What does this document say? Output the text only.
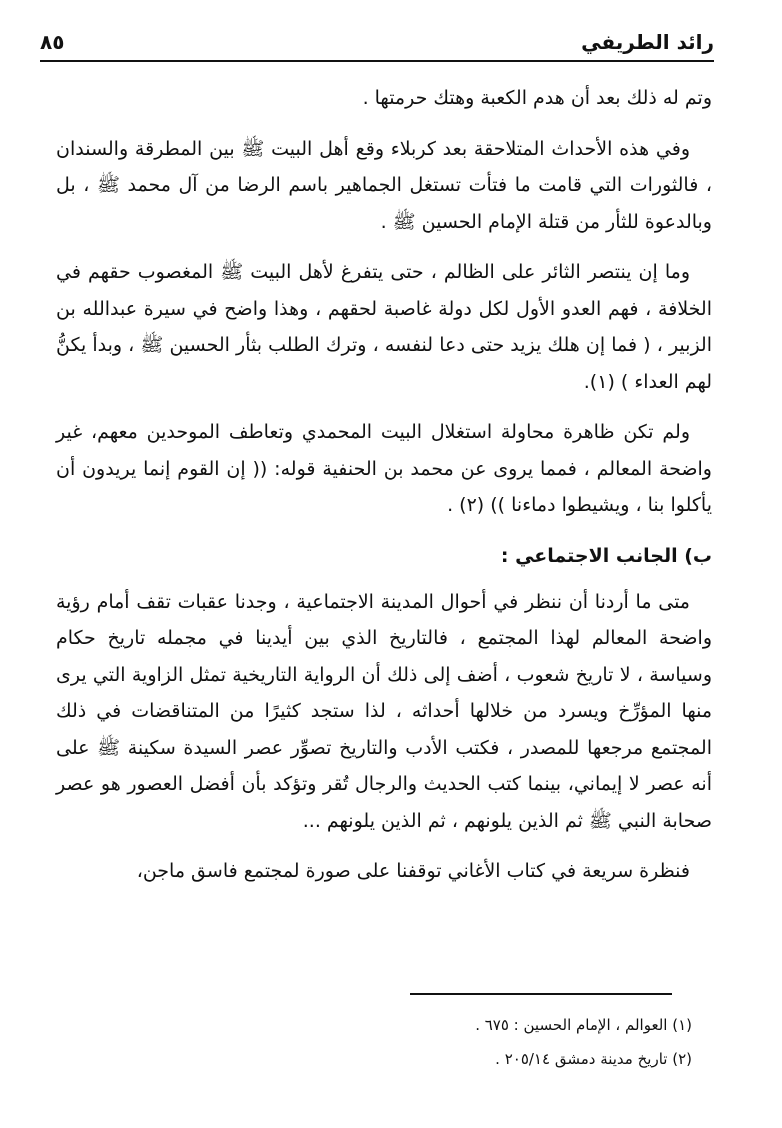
رائد الطريفي
٨٥

وتم له ذلك بعد أن هدم الكعبة وهتك حرمتها .

وفي هذه الأحداث المتلاحقة بعد كربلاء وقع أهل البيت ﷺ بين المطرقة والسندان ، فالثورات التي قامت ما فتأت تستغل الجماهير باسم الرضا من آل محمد ﷺ ، بل وبالدعوة للثأر من قتلة الإمام الحسين ﷺ .

وما إن ينتصر الثائر على الظالم ، حتى يتفرغ لأهل البيت ﷺ المغصوب حقهم في الخلافة ، فهم العدو الأول لكل دولة غاصبة لحقهم ، وهذا واضح في سيرة عبدالله بن الزبير ، ( فما إن هلك يزيد حتى دعا لنفسه ، وترك الطلب بثأر الحسين ﷺ ، وبدأ يكنُّ لهم العداء ) (١).

ولم تكن ظاهرة محاولة استغلال البيت المحمدي وتعاطف الموحدين معهم، غير واضحة المعالم ، فمما يروى عن محمد بن الحنفية قوله: (( إن القوم إنما يريدون أن يأكلوا بنا ، ويشيطوا دماءنا )) (٢) .

ب) الجانب الاجتماعي :

متى ما أردنا أن ننظر في أحوال المدينة الاجتماعية ، وجدنا عقبات تقف أمام رؤية واضحة المعالم لهذا المجتمع ، فالتاريخ الذي بين أيدينا في مجمله تاريخ حكام وسياسة ، لا تاريخ شعوب ، أضف إلى ذلك أن الرواية التاريخية تمثل الزاوية التي يرى منها المؤرِّخ ويسرد من خلالها أحداثه ، لذا ستجد كثيرًا من المتناقضات في ذلك المجتمع مرجعها للمصدر ، فكتب الأدب والتاريخ تصوِّر عصر السيدة سكينة ﷺ على أنه عصر لا إيماني، بينما كتب الحديث والرجال تُقر وتؤكد بأن أفضل العصور هو عصر صحابة النبي ﷺ ثم الذين يلونهم ، ثم الذين يلونهم ...

فنظرة سريعة في كتاب الأغاني توقفنا على صورة لمجتمع فاسق ماجن،

(١) العوالم ، الإمام الحسين : ٦٧٥ .
(٢) تاريخ مدينة دمشق ٢٠٥/١٤ .
